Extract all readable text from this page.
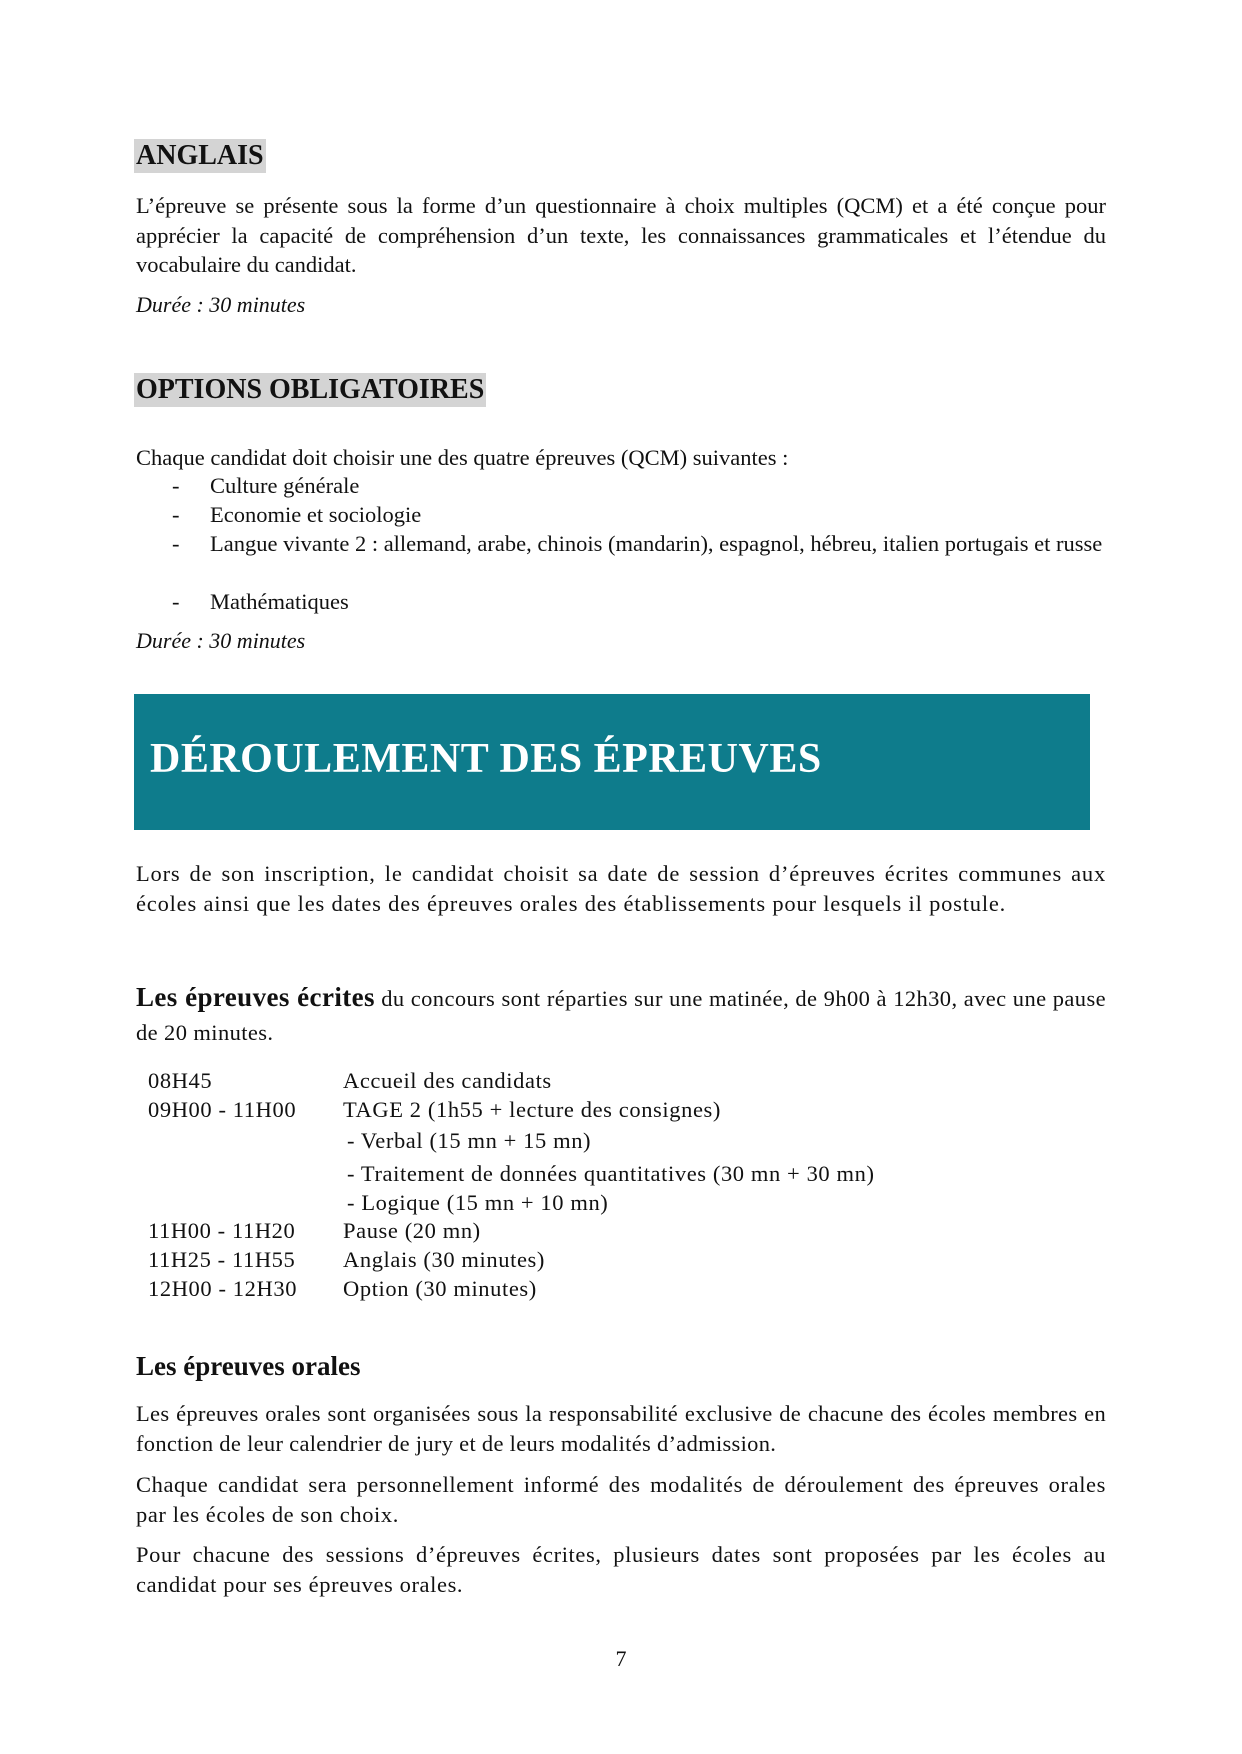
ANGLAIS
L’épreuve se présente sous la forme d’un questionnaire à choix multiples (QCM) et a été conçue pour apprécier la capacité de compréhension d’un texte, les connaissances grammaticales et l’étendue du vocabulaire du candidat.
Durée : 30 minutes
OPTIONS OBLIGATOIRES
Chaque candidat doit choisir une des quatre épreuves (QCM) suivantes :
- Culture générale
- Economie et sociologie
- Langue vivante 2 : allemand, arabe, chinois (mandarin), espagnol, hébreu, italien portugais et russe
- Mathématiques
Durée : 30 minutes
DÉROULEMENT DES ÉPREUVES
Lors de son inscription, le candidat choisit sa date de session d’épreuves écrites communes aux écoles ainsi que les dates des épreuves orales des établissements pour lesquels il postule.
Les épreuves écrites du concours sont réparties sur une matinée, de 9h00 à 12h30, avec une pause de 20 minutes.
08H45	Accueil des candidats
09H00 - 11H00 TAGE 2 (1h55 + lecture des consignes)
- Verbal (15 mn + 15 mn)
- Traitement de données quantitatives (30 mn + 30 mn)
- Logique (15 mn + 10 mn)
11H00 - 11H20 Pause (20 mn)
11H25 - 11H55 Anglais (30 minutes)
12H00 - 12H30 Option (30 minutes)
Les épreuves orales
Les épreuves orales sont organisées sous la responsabilité exclusive de chacune des écoles membres en fonction de leur calendrier de jury et de leurs modalités d’admission.
Chaque candidat sera personnellement informé des modalités de déroulement des épreuves orales par les écoles de son choix.
Pour chacune des sessions d’épreuves écrites, plusieurs dates sont proposées par les écoles au candidat pour ses épreuves orales.
7
